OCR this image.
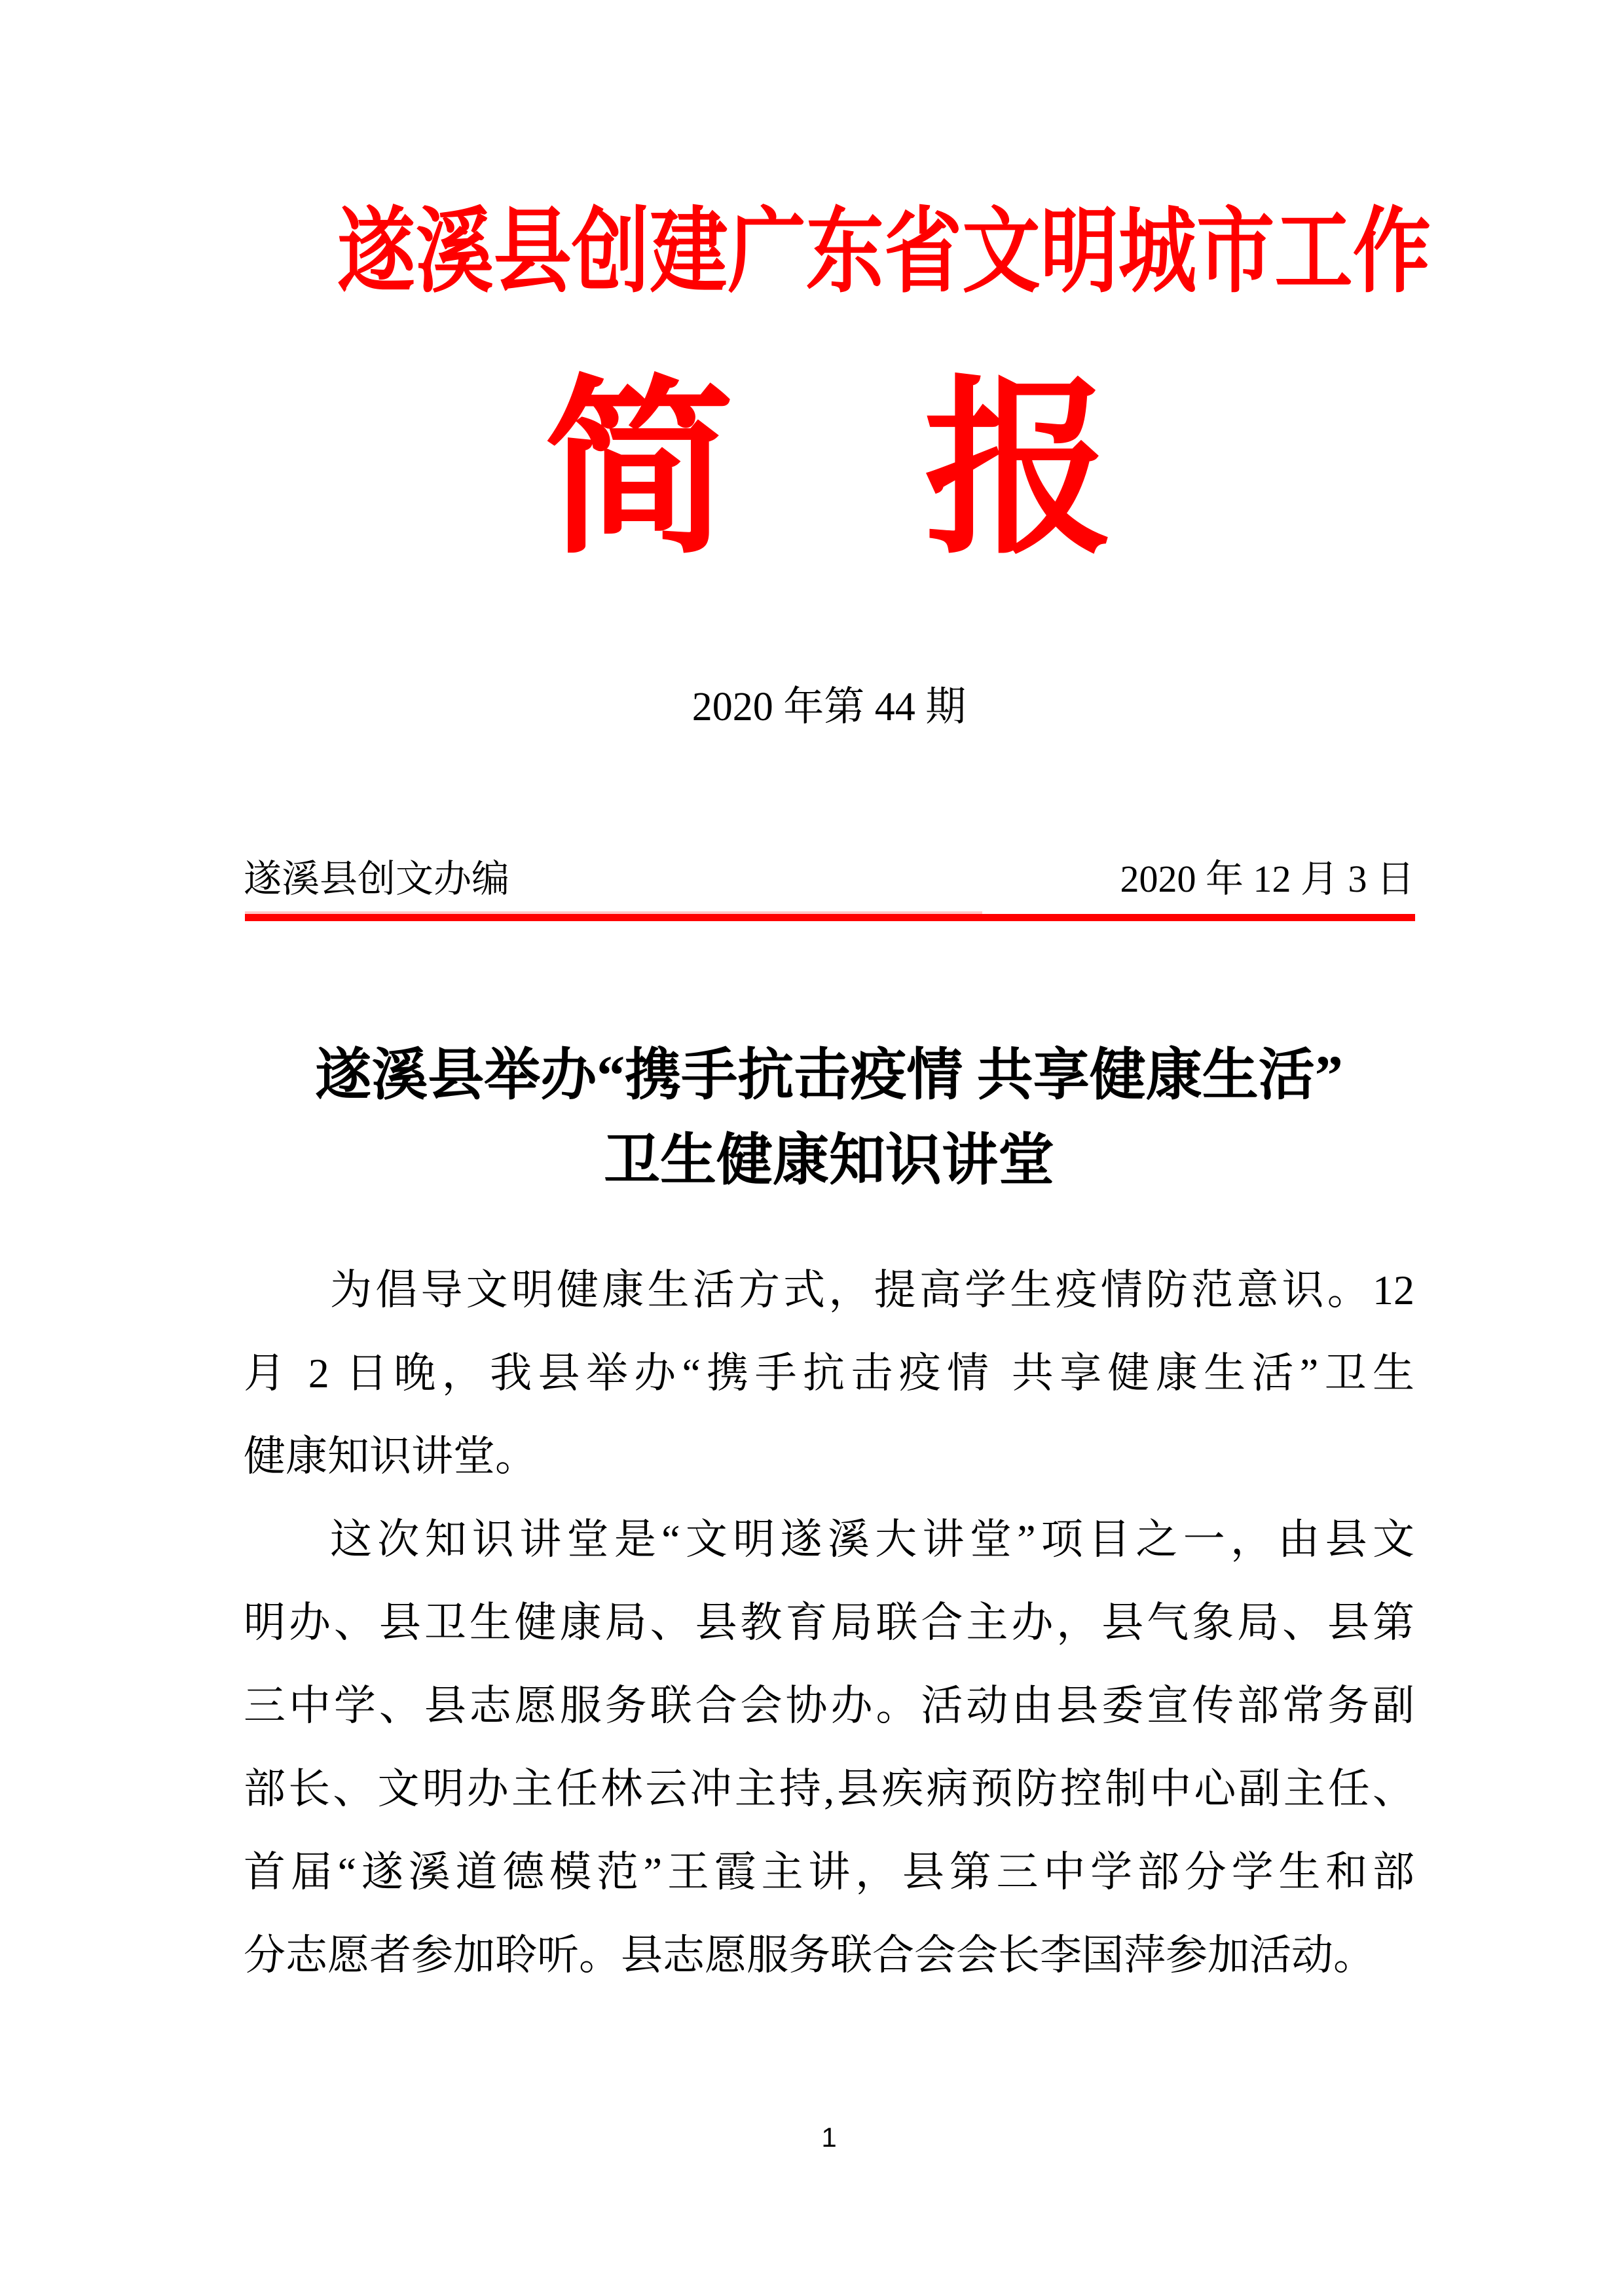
遂溪县创建广东省文明城市工作
简　报
2020 年第 44 期
遂溪县创文办编	2020 年 12 月 3 日
遂溪县举办“携手抗击疫情 共享健康生活”
卫生健康知识讲堂
为倡导文明健康生活方式，提高学生疫情防范意识。12
月 2 日晚，我县举办“携手抗击疫情 共享健康生活”卫生
健康知识讲堂。
这次知识讲堂是“文明遂溪大讲堂”项目之一，由县文
明办、县卫生健康局、县教育局联合主办，县气象局、县第
三中学、县志愿服务联合会协办。活动由县委宣传部常务副
部长、文明办主任林云冲主持,县疾病预防控制中心副主任、
首届“遂溪道德模范”王霞主讲，县第三中学部分学生和部
分志愿者参加聆听。县志愿服务联合会会长李国萍参加活动。
1
